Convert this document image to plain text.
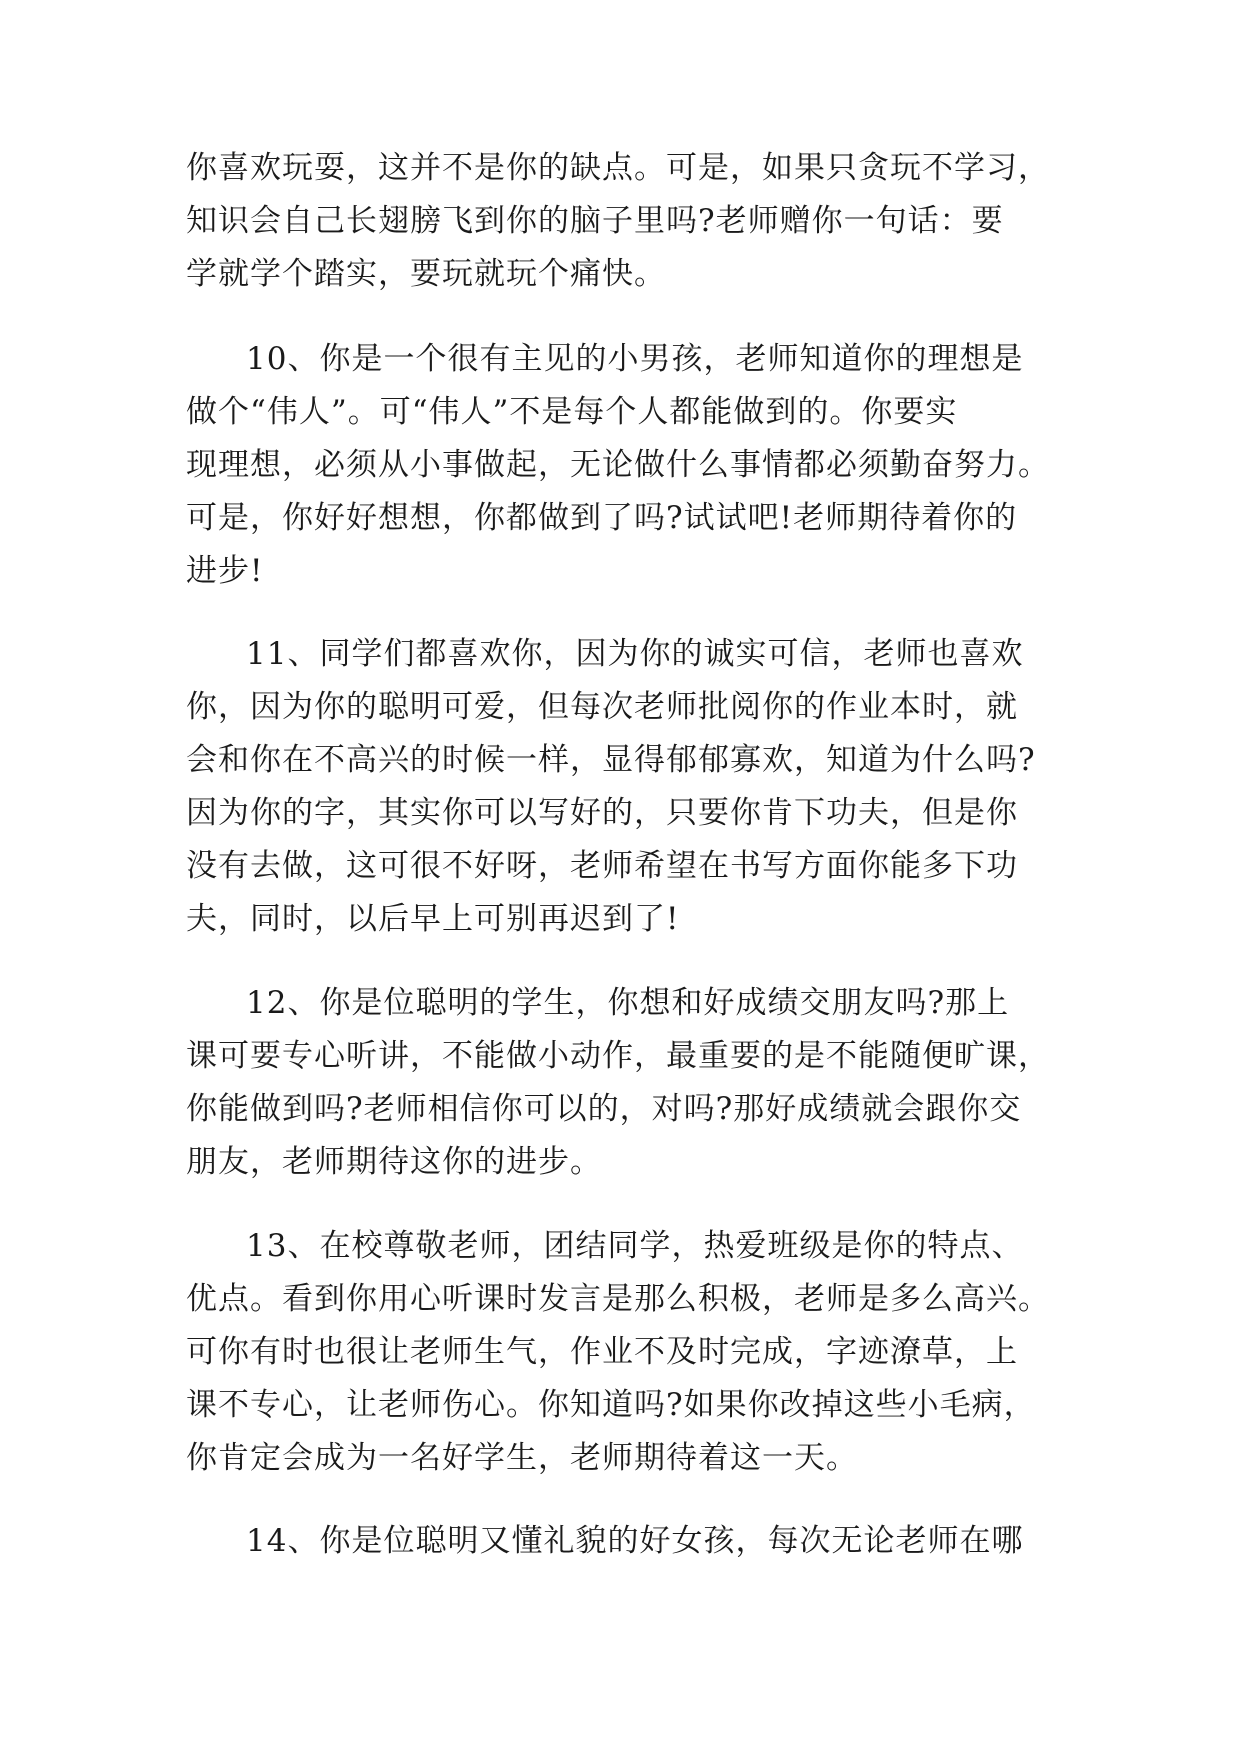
你喜欢玩耍，这并不是你的缺点。可是，如果只贪玩不学习，
知识会自己长翅膀飞到你的脑子里吗?老师赠你一句话：要
学就学个踏实，要玩就玩个痛快。
10、你是一个很有主见的小男孩，老师知道你的理想是
做个“伟人”。可“伟人”不是每个人都能做到的。你要实
现理想，必须从小事做起，无论做什么事情都必须勤奋努力。
可是，你好好想想，你都做到了吗?试试吧!老师期待着你的
进步!
11、同学们都喜欢你，因为你的诚实可信，老师也喜欢
你，因为你的聪明可爱，但每次老师批阅你的作业本时，就
会和你在不高兴的时候一样，显得郁郁寡欢，知道为什么吗?
因为你的字，其实你可以写好的，只要你肯下功夫，但是你
没有去做，这可很不好呀，老师希望在书写方面你能多下功
夫，同时，以后早上可别再迟到了!
12、你是位聪明的学生，你想和好成绩交朋友吗?那上
课可要专心听讲，不能做小动作，最重要的是不能随便旷课，
你能做到吗?老师相信你可以的，对吗?那好成绩就会跟你交
朋友，老师期待这你的进步。
13、在校尊敬老师，团结同学，热爱班级是你的特点、
优点。看到你用心听课时发言是那么积极，老师是多么高兴。
可你有时也很让老师生气，作业不及时完成，字迹潦草，上
课不专心，让老师伤心。你知道吗?如果你改掉这些小毛病，
你肯定会成为一名好学生，老师期待着这一天。
14、你是位聪明又懂礼貌的好女孩，每次无论老师在哪
